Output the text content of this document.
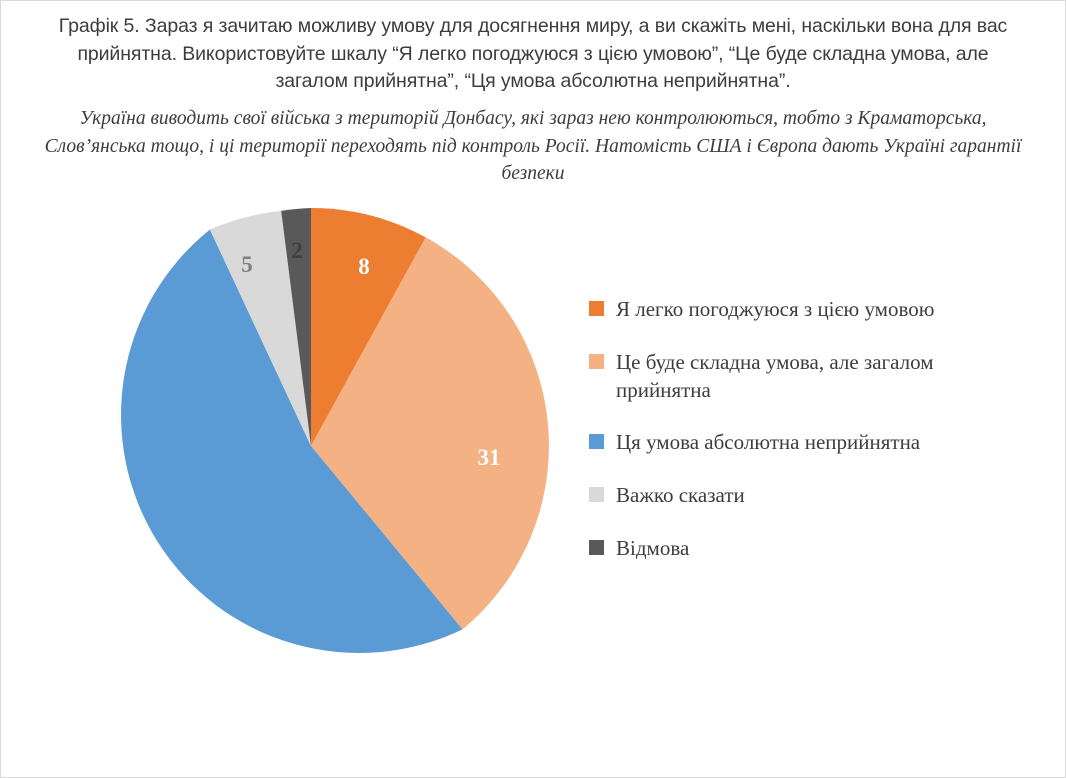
Графік 5. Зараз я зачитаю можливу умову для досягнення миру, а ви скажіть мені, наскільки вона для вас прийнятна. Використовуйте шкалу “Я легко погоджуюся з цією умовою”, “Це буде складна умова, але загалом прийнятна”, “Ця умова абсолютна неприйнятна”.
Україна виводить свої війська з територій Донбасу, які зараз нею контролюються, тобто з Краматорська, Слов’янська тощо, і ці території переходять під контроль Росії. Натомість США і Європа дають Україні гарантії безпеки
8
31
54
5
2
Я легко погоджуюся з цією умовою
Це буде складна умова, але загалом прийнятна
Ця умова абсолютна неприйнятна
Важко сказати
Відмова
